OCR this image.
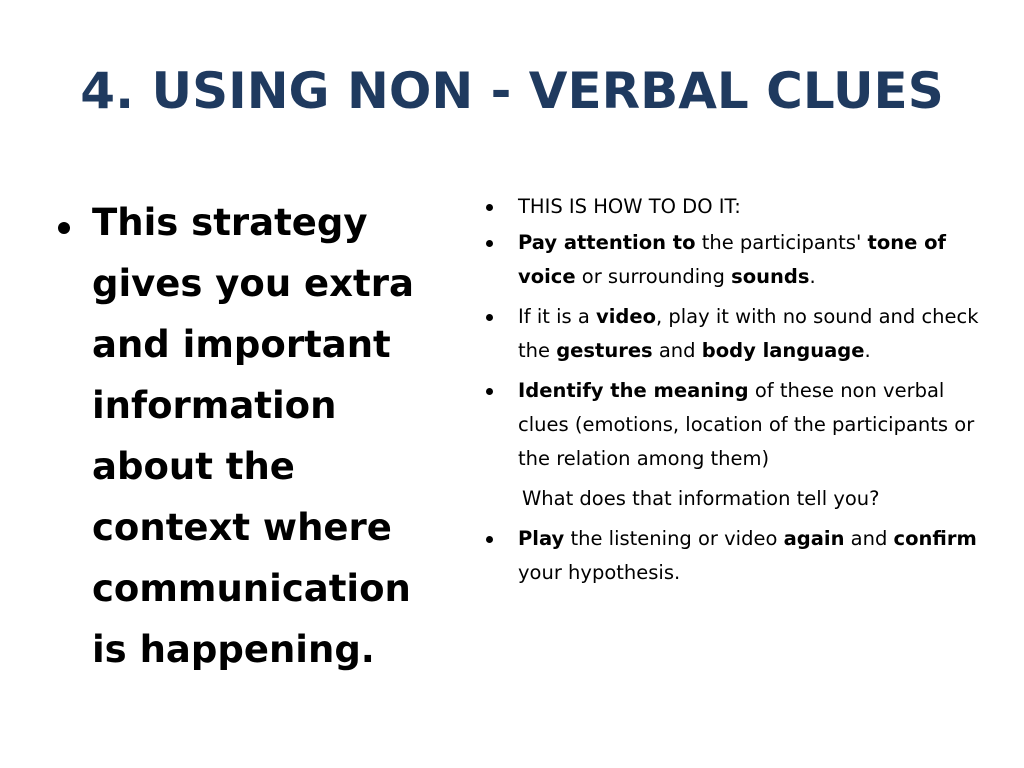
4. USING NON - VERBAL CLUES
This strategy gives you extra and important information about the context where communication is happening.
THIS IS HOW TO DO IT:
Pay attention to the participants' tone of voice or surrounding sounds.
If it is a video, play it with no sound and check the gestures and body language.
Identify the meaning of these non verbal clues (emotions, location of the participants or the relation among them)
What does that information tell you?
Play the listening or video again and confirm your hypothesis.
